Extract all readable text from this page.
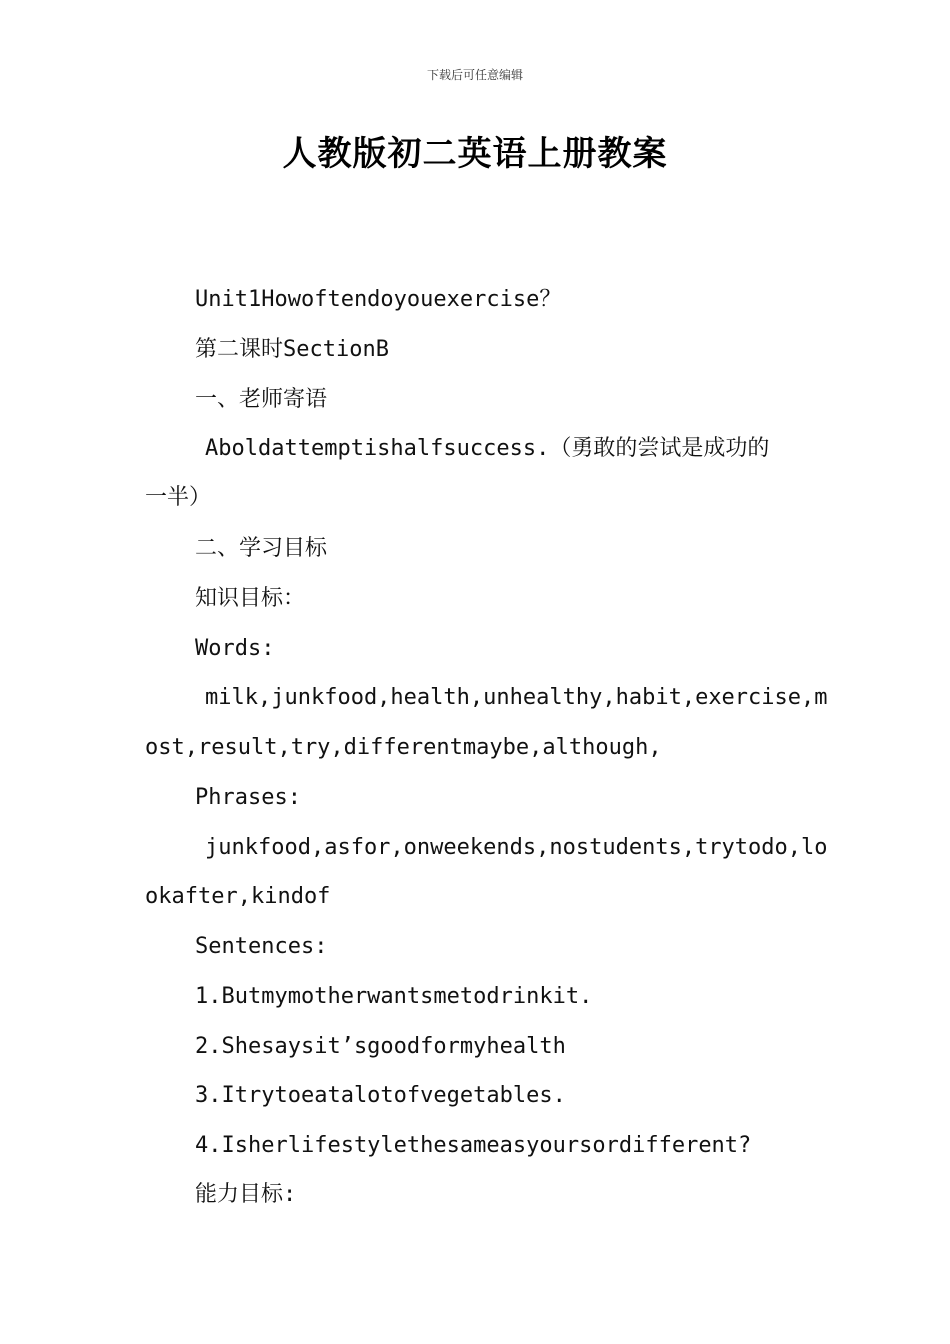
下载后可任意编辑
人教版初二英语上册教案
Unit1Howoftendoyouexercise？
第二课时SectionB
一、老师寄语
Aboldattemptishalfsuccess.（勇敢的尝试是成功的
一半）
二、学习目标
知识目标：
Words:
milk,junkfood,health,unhealthy,habit,exercise,m
ost,result,try,differentmaybe,although,
Phrases:
junkfood,asfor,onweekends,nostudents,trytodo,lo
okafter,kindof
Sentences:
1.Butmymotherwantsmetodrinkit.
2.Shesaysit’sgoodformyhealth
3.Itrytoeatalotofvegetables.
4.Isherlifestylethesameasyoursordifferent?
能力目标:
